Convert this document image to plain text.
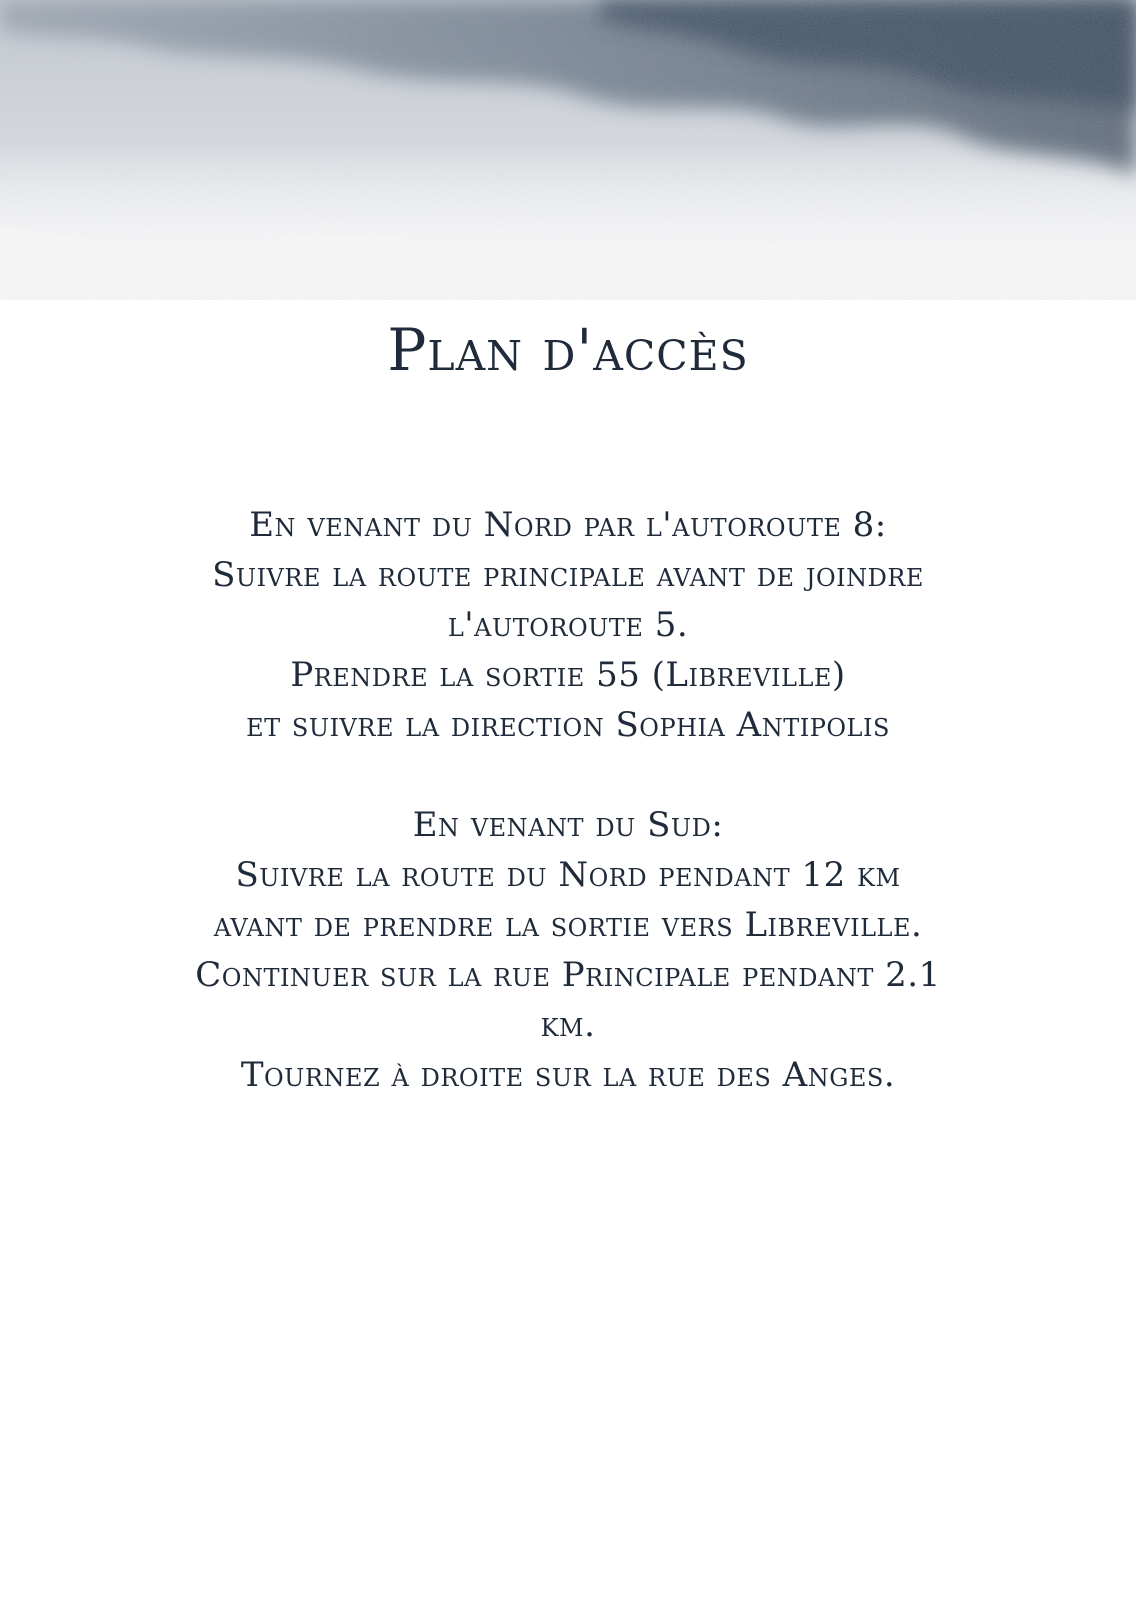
Plan d'accès
En venant du Nord par l'autoroute 8:
Suivre la route principale avant de joindre
l'autoroute 5.
Prendre la sortie 55 (Libreville)
et suivre la direction Sophia Antipolis
En venant du Sud:
Suivre la route du Nord pendant 12 km
avant de prendre la sortie vers Libreville.
Continuer sur la rue Principale pendant 2.1
km.
Tournez à droite sur la rue des Anges.
